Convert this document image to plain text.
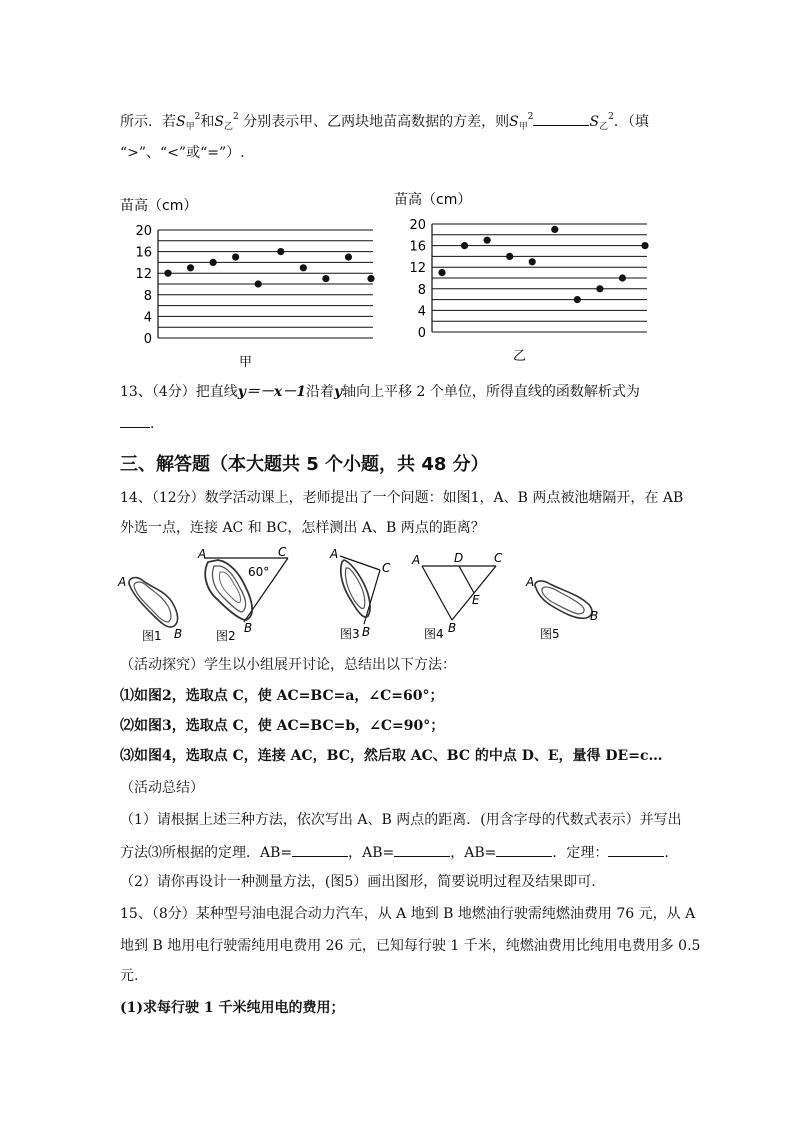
所示．若$S_甲^2$和$S_乙^2$ 分别表示甲、乙两块地苗高数据的方差，则$S_甲^2$	$S_乙^2$．（填
“>”、“<”或“=”）.
苗高（cm）
0
4
8
12
16
20
甲
苗高（cm）
0
4
8
12
16
20
乙
13、（4分）把直线y＝－x－1沿着y轴向上平移 2 个单位，所得直线的函数解析式为
.
三、解答题（本大题共 5 个小题，共 48 分）
14、（12分）数学活动课上，老师提出了一个问题：如图1，A、B 两点被池塘隔开，在 AB
外选一点，连接 AC 和 BC，怎样测出 A、B 两点的距离？
A
B
A	C
60°
B
A
C
B
A	D	C
E
B
A
B
图1	图2	图3	图4	图5
（活动探究）学生以小组展开讨论，总结出以下方法：
⑴如图2，选取点 C，使 AC=BC=a，∠C=60°；
⑵如图3，选取点 C，使 AC=BC=b，∠C=90°；
⑶如图4，选取点 C，连接 AC，BC，然后取 AC、BC 的中点 D、E，量得 DE=c…
（活动总结）
（1）请根据上述三种方法，依次写出 A、B 两点的距离．(用含字母的代数式表示）并写出
方法⑶所根据的定理．AB=	，AB=	，AB=	．定理：	.
（2）请你再设计一种测量方法，(图5）画出图形，简要说明过程及结果即可.
15、（8分）某种型号油电混合动力汽车，从 A 地到 B 地燃油行驶需纯燃油费用 76 元，从 A
地到 B 地用电行驶需纯用电费用 26 元，已知每行驶 1 千米，纯燃油费用比纯用电费用多 0.5
元.
(1)求每行驶 1 千米纯用电的费用；
